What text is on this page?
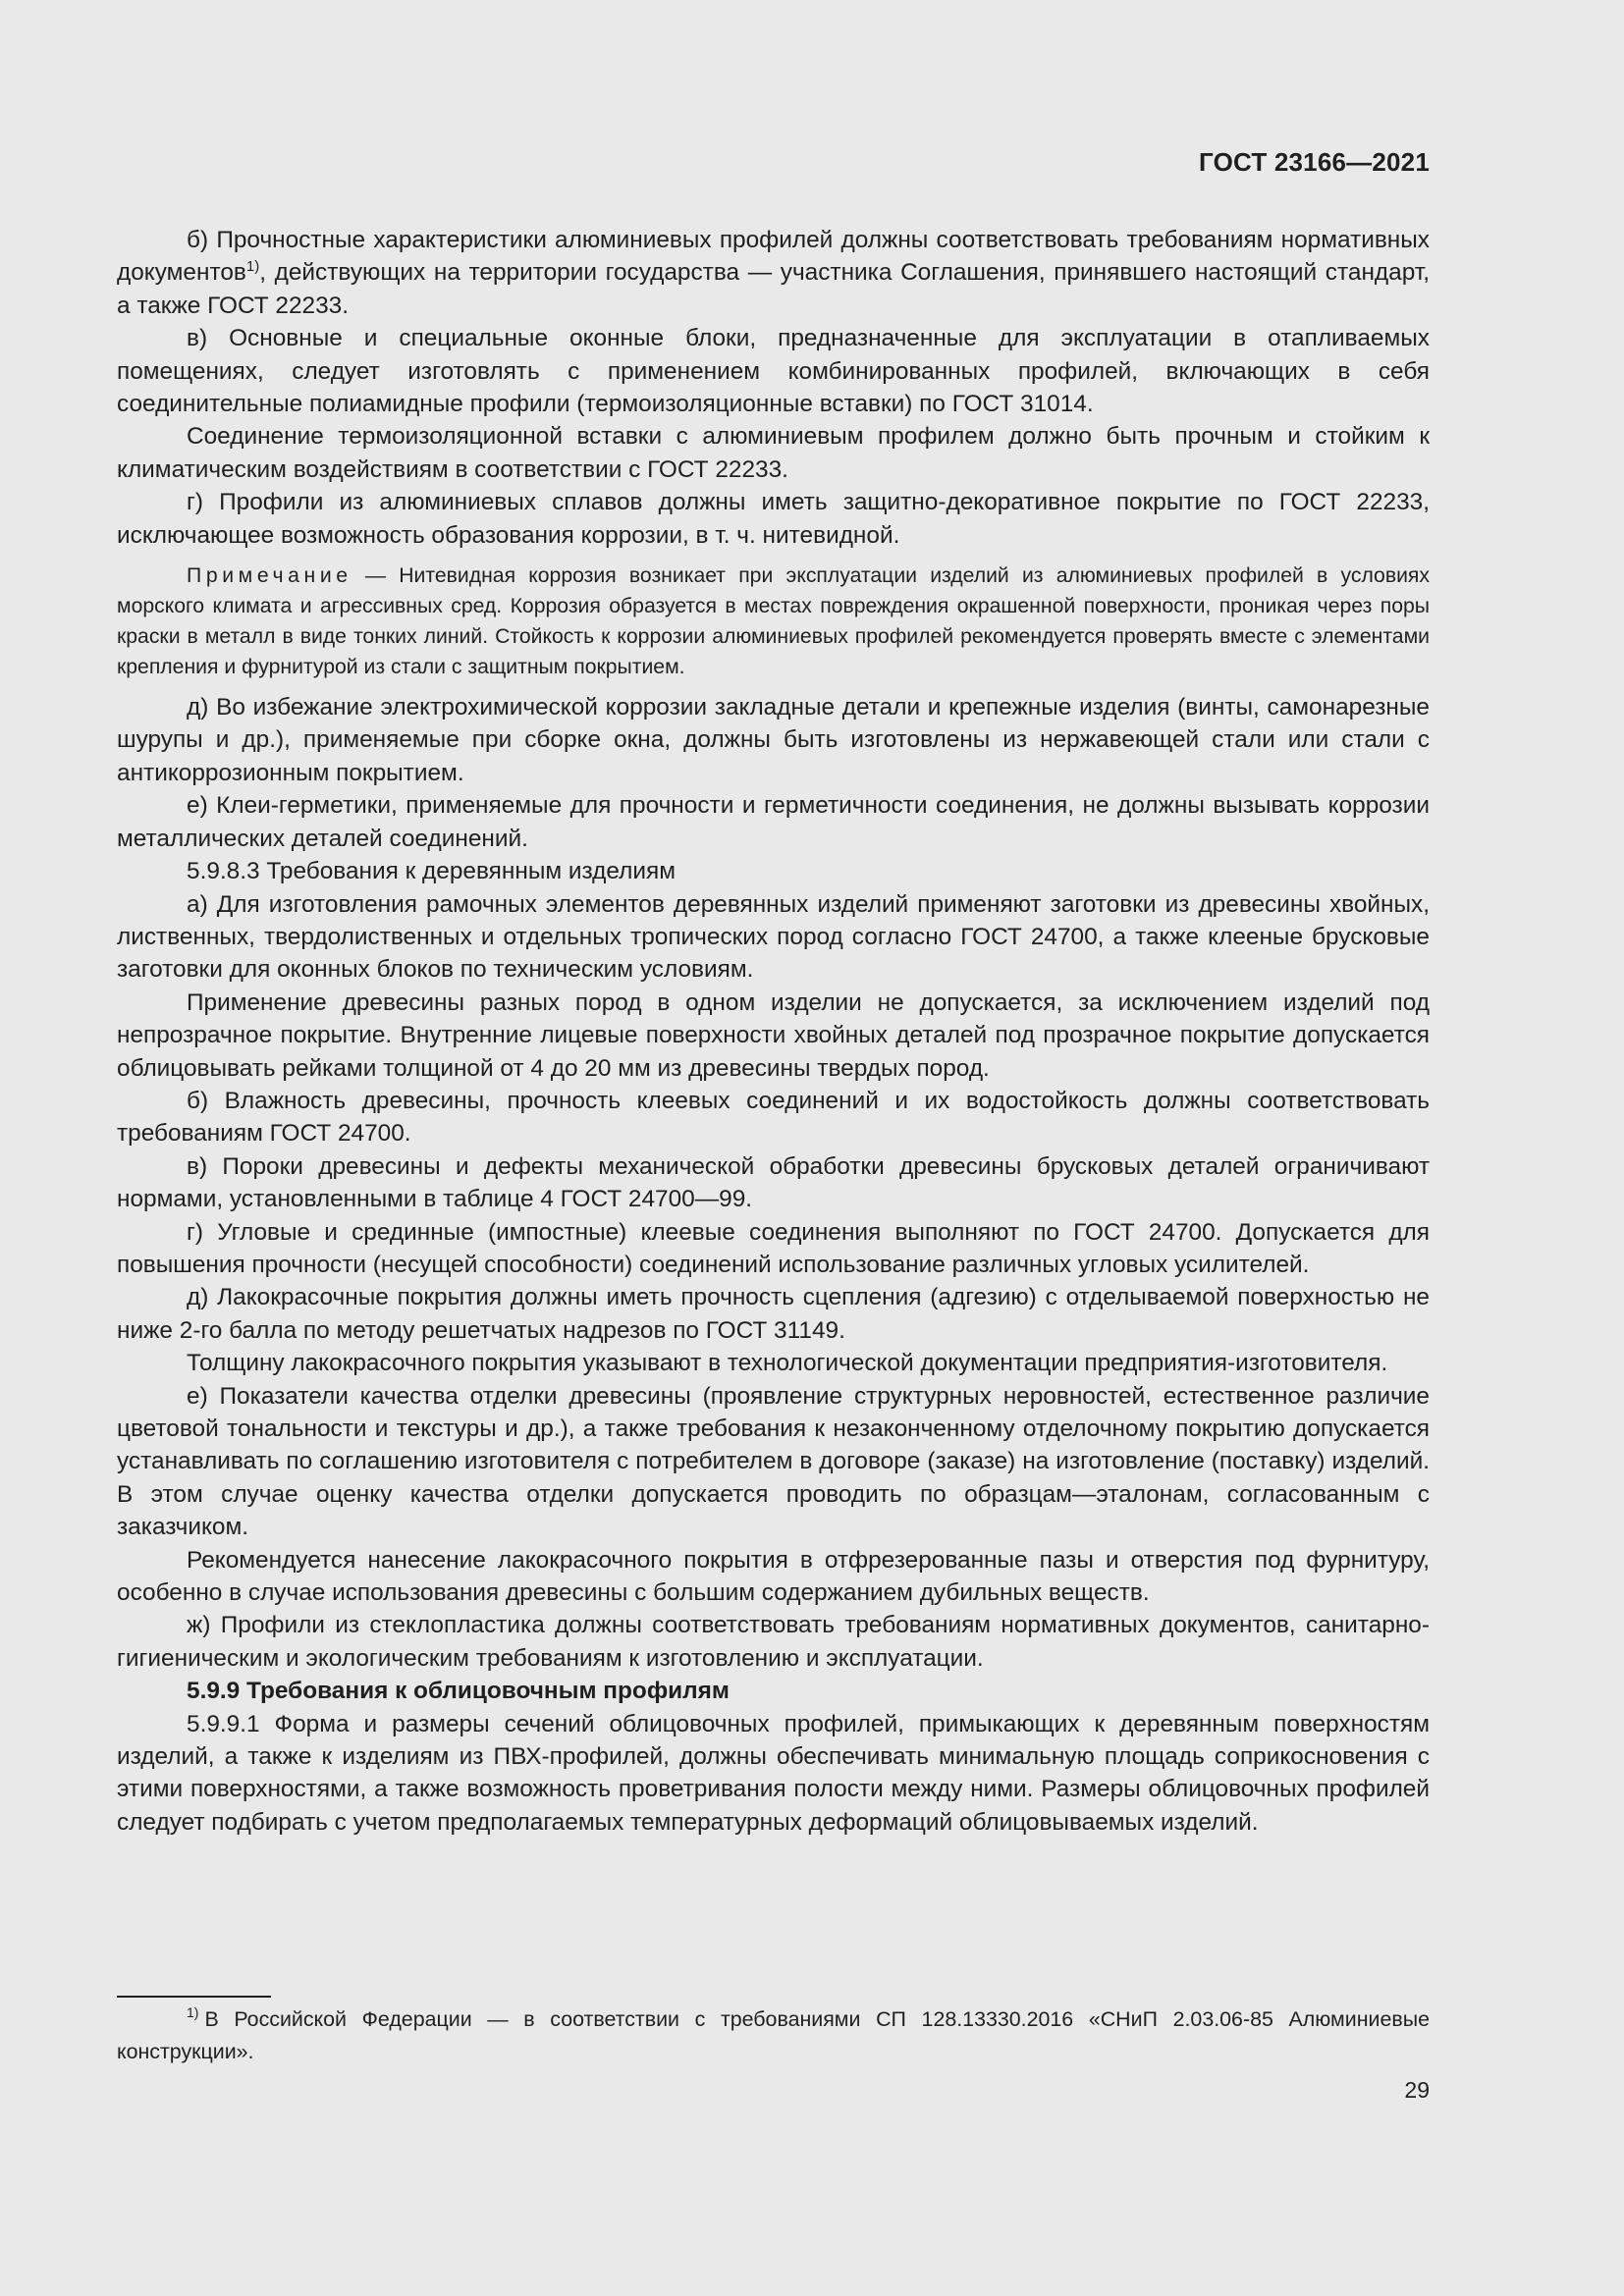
ГОСТ 23166—2021

б) Прочностные характеристики алюминиевых профилей должны соответствовать требованиям нормативных документов$^{1)}$, действующих на территории государства — участника Соглашения, принявшего настоящий стандарт, а также ГОСТ 22233.

в) Основные и специальные оконные блоки, предназначенные для эксплуатации в отапливаемых помещениях, следует изготовлять с применением комбинированных профилей, включающих в себя соединительные полиамидные профили (термоизоляционные вставки) по ГОСТ 31014.

Соединение термоизоляционной вставки с алюминиевым профилем должно быть прочным и стойким к климатическим воздействиям в соответствии с ГОСТ 22233.

г) Профили из алюминиевых сплавов должны иметь защитно-декоративное покрытие по ГОСТ 22233, исключающее возможность образования коррозии, в т. ч. нитевидной.

Примечание — Нитевидная коррозия возникает при эксплуатации изделий из алюминиевых профилей в условиях морского климата и агрессивных сред. Коррозия образуется в местах повреждения окрашенной поверхности, проникая через поры краски в металл в виде тонких линий. Стойкость к коррозии алюминиевых профилей рекомендуется проверять вместе с элементами крепления и фурнитурой из стали с защитным покрытием.

д) Во избежание электрохимической коррозии закладные детали и крепежные изделия (винты, самонарезные шурупы и др.), применяемые при сборке окна, должны быть изготовлены из нержавеющей стали или стали с антикоррозионным покрытием.

е) Клеи-герметики, применяемые для прочности и герметичности соединения, не должны вызывать коррозии металлических деталей соединений.

5.9.8.3 Требования к деревянным изделиям

а) Для изготовления рамочных элементов деревянных изделий применяют заготовки из древесины хвойных, лиственных, твердолиственных и отдельных тропических пород согласно ГОСТ 24700, а также клееные брусковые заготовки для оконных блоков по техническим условиям.

Применение древесины разных пород в одном изделии не допускается, за исключением изделий под непрозрачное покрытие. Внутренние лицевые поверхности хвойных деталей под прозрачное покрытие допускается облицовывать рейками толщиной от 4 до 20 мм из древесины твердых пород.

б) Влажность древесины, прочность клеевых соединений и их водостойкость должны соответствовать требованиям ГОСТ 24700.

в) Пороки древесины и дефекты механической обработки древесины брусковых деталей ограничивают нормами, установленными в таблице 4 ГОСТ 24700—99.

г) Угловые и срединные (импостные) клеевые соединения выполняют по ГОСТ 24700. Допускается для повышения прочности (несущей способности) соединений использование различных угловых усилителей.

д) Лакокрасочные покрытия должны иметь прочность сцепления (адгезию) с отделываемой поверхностью не ниже 2-го балла по методу решетчатых надрезов по ГОСТ 31149.

Толщину лакокрасочного покрытия указывают в технологической документации предприятия-изготовителя.

е) Показатели качества отделки древесины (проявление структурных неровностей, естественное различие цветовой тональности и текстуры и др.), а также требования к незаконченному отделочному покрытию допускается устанавливать по соглашению изготовителя с потребителем в договоре (заказе) на изготовление (поставку) изделий. В этом случае оценку качества отделки допускается проводить по образцам—эталонам, согласованным с заказчиком.

Рекомендуется нанесение лакокрасочного покрытия в отфрезерованные пазы и отверстия под фурнитуру, особенно в случае использования древесины с большим содержанием дубильных веществ.

ж) Профили из стеклопластика должны соответствовать требованиям нормативных документов, санитарно-гигиеническим и экологическим требованиям к изготовлению и эксплуатации.

5.9.9 Требования к облицовочным профилям

5.9.9.1 Форма и размеры сечений облицовочных профилей, примыкающих к деревянным поверхностям изделий, а также к изделиям из ПВХ-профилей, должны обеспечивать минимальную площадь соприкосновения с этими поверхностями, а также возможность проветривания полости между ними. Размеры облицовочных профилей следует подбирать с учетом предполагаемых температурных деформаций облицовываемых изделий.

$^{1)}$ В Российской Федерации — в соответствии с требованиями СП 128.13330.2016 «СНиП 2.03.06-85 Алюминиевые конструкции».
29
